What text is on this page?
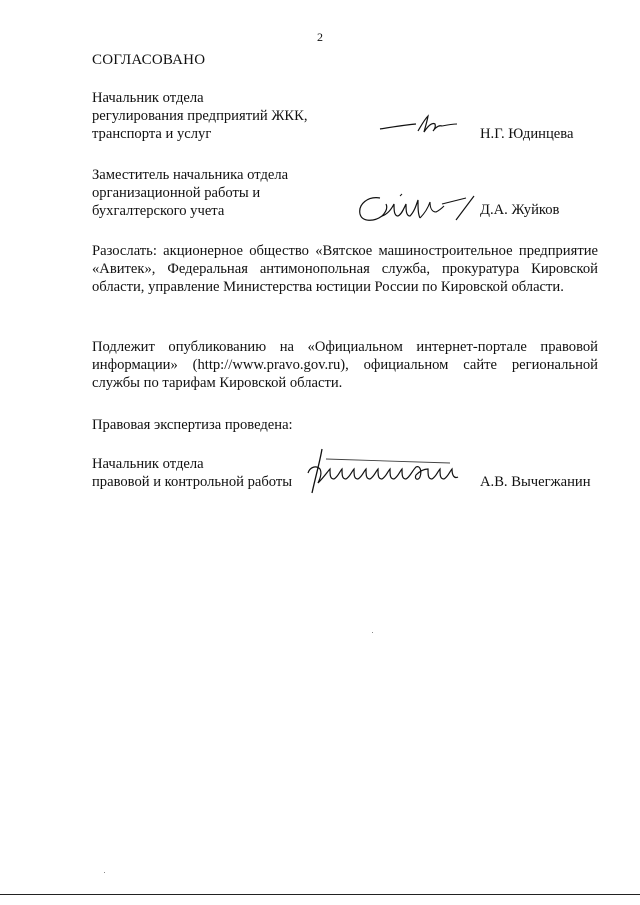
2
СОГЛАСОВАНО
Начальник отдела
регулирования предприятий ЖКК,
транспорта и услуг	Н.Г. Юдинцева
Заместитель начальника отдела
организационной работы и
бухгалтерского учета	Д.А. Жуйков
Разослать: акционерное общество «Вятское машиностроительное предприятие «Авитек», Федеральная антимонопольная служба, прокуратура Кировской области, управление Министерства юстиции России по Кировской области.
Подлежит опубликованию на «Официальном интернет-портале правовой информации» (http://www.pravo.gov.ru), официальном сайте региональной службы по тарифам Кировской области.
Правовая экспертиза проведена:
Начальник отдела
правовой и контрольной работы	А.В. Вычегжанин
